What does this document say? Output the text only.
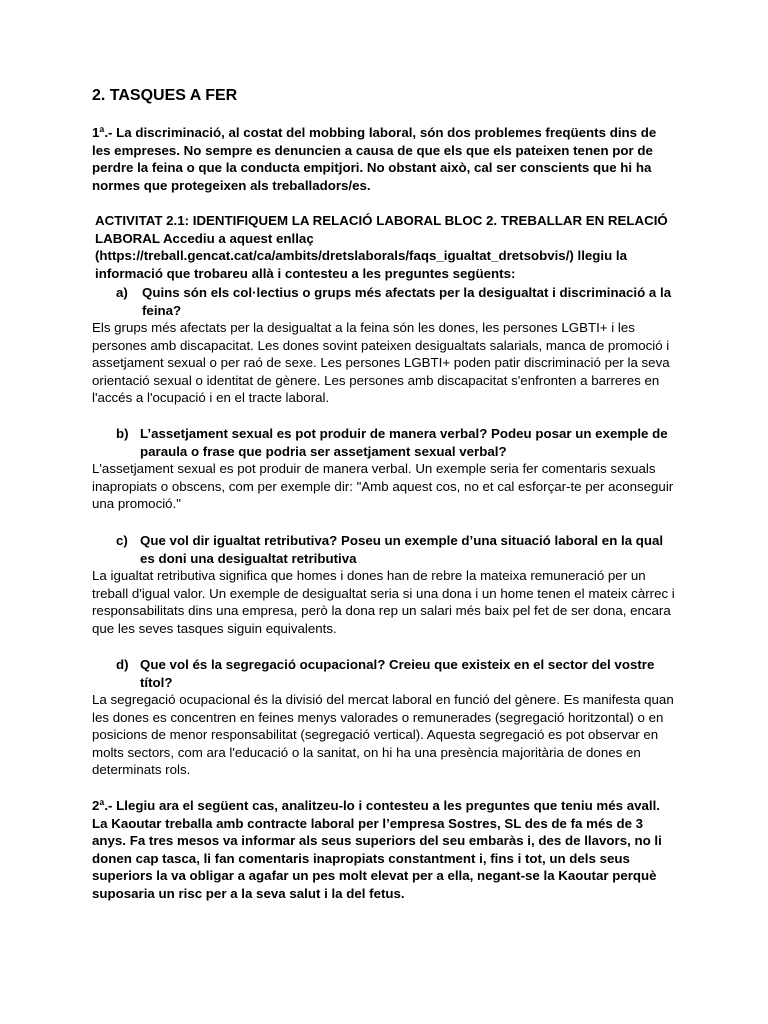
2. TASQUES A FER

1ª.- La discriminació, al costat del mobbing laboral, són dos problemes freqüents dins de les empreses. No sempre es denuncien a causa de que els que els pateixen tenen por de perdre la feina o que la conducta empitjori. No obstant això, cal ser conscients que hi ha normes que protegeixen als treballadors/es.

ACTIVITAT 2.1: IDENTIFIQUEM LA RELACIÓ LABORAL BLOC 2. TREBALLAR EN RELACIÓ LABORAL Accediu a aquest enllaç (https://treball.gencat.cat/ca/ambits/dretslaborals/faqs_igualtat_dretsobvis/) llegiu la informació que trobareu allà i contesteu a les preguntes següents:

a)	Quins són els col·lectius o grups més afectats per la desigualtat i discriminació a la feina?

Els grups més afectats per la desigualtat a la feina són les dones, les persones LGBTI+ i les persones amb discapacitat. Les dones sovint pateixen desigualtats salarials, manca de promoció i assetjament sexual o per raó de sexe. Les persones LGBTI+ poden patir discriminació per la seva orientació sexual o identitat de gènere. Les persones amb discapacitat s'enfronten a barreres en l'accés a l'ocupació i en el tracte laboral.

b) L’assetjament sexual es pot produir de manera verbal? Podeu posar un exemple de paraula o frase que podria ser assetjament sexual verbal?

L'assetjament sexual es pot produir de manera verbal. Un exemple seria fer comentaris sexuals inapropiats o obscens, com per exemple dir: "Amb aquest cos, no et cal esforçar-te per aconseguir una promoció."

c) Que vol dir igualtat retributiva? Poseu un exemple d’una situació laboral en la qual es doni una desigualtat retributiva

La igualtat retributiva significa que homes i dones han de rebre la mateixa remuneració per un treball d'igual valor. Un exemple de desigualtat seria si una dona i un home tenen el mateix càrrec i responsabilitats dins una empresa, però la dona rep un salari més baix pel fet de ser dona, encara que les seves tasques siguin equivalents.

d) Que vol és la segregació ocupacional? Creieu que existeix en el sector del vostre títol?

La segregació ocupacional és la divisió del mercat laboral en funció del gènere. Es manifesta quan les dones es concentren en feines menys valorades o remunerades (segregació horitzontal) o en posicions de menor responsabilitat (segregació vertical). Aquesta segregació es pot observar en molts sectors, com ara l'educació o la sanitat, on hi ha una presència majoritària de dones en determinats rols.

2ª.- Llegiu ara el següent cas, analitzeu-lo i contesteu a les preguntes que teniu més avall. La Kaoutar treballa amb contracte laboral per l’empresa Sostres, SL des de fa més de 3 anys. Fa tres mesos va informar als seus superiors del seu embaràs i, des de llavors, no li donen cap tasca, li fan comentaris inapropiats constantment i, fins i tot, un dels seus superiors la va obligar a agafar un pes molt elevat per a ella, negant-se la Kaoutar perquè suposaria un risc per a la seva salut i la del fetus.
